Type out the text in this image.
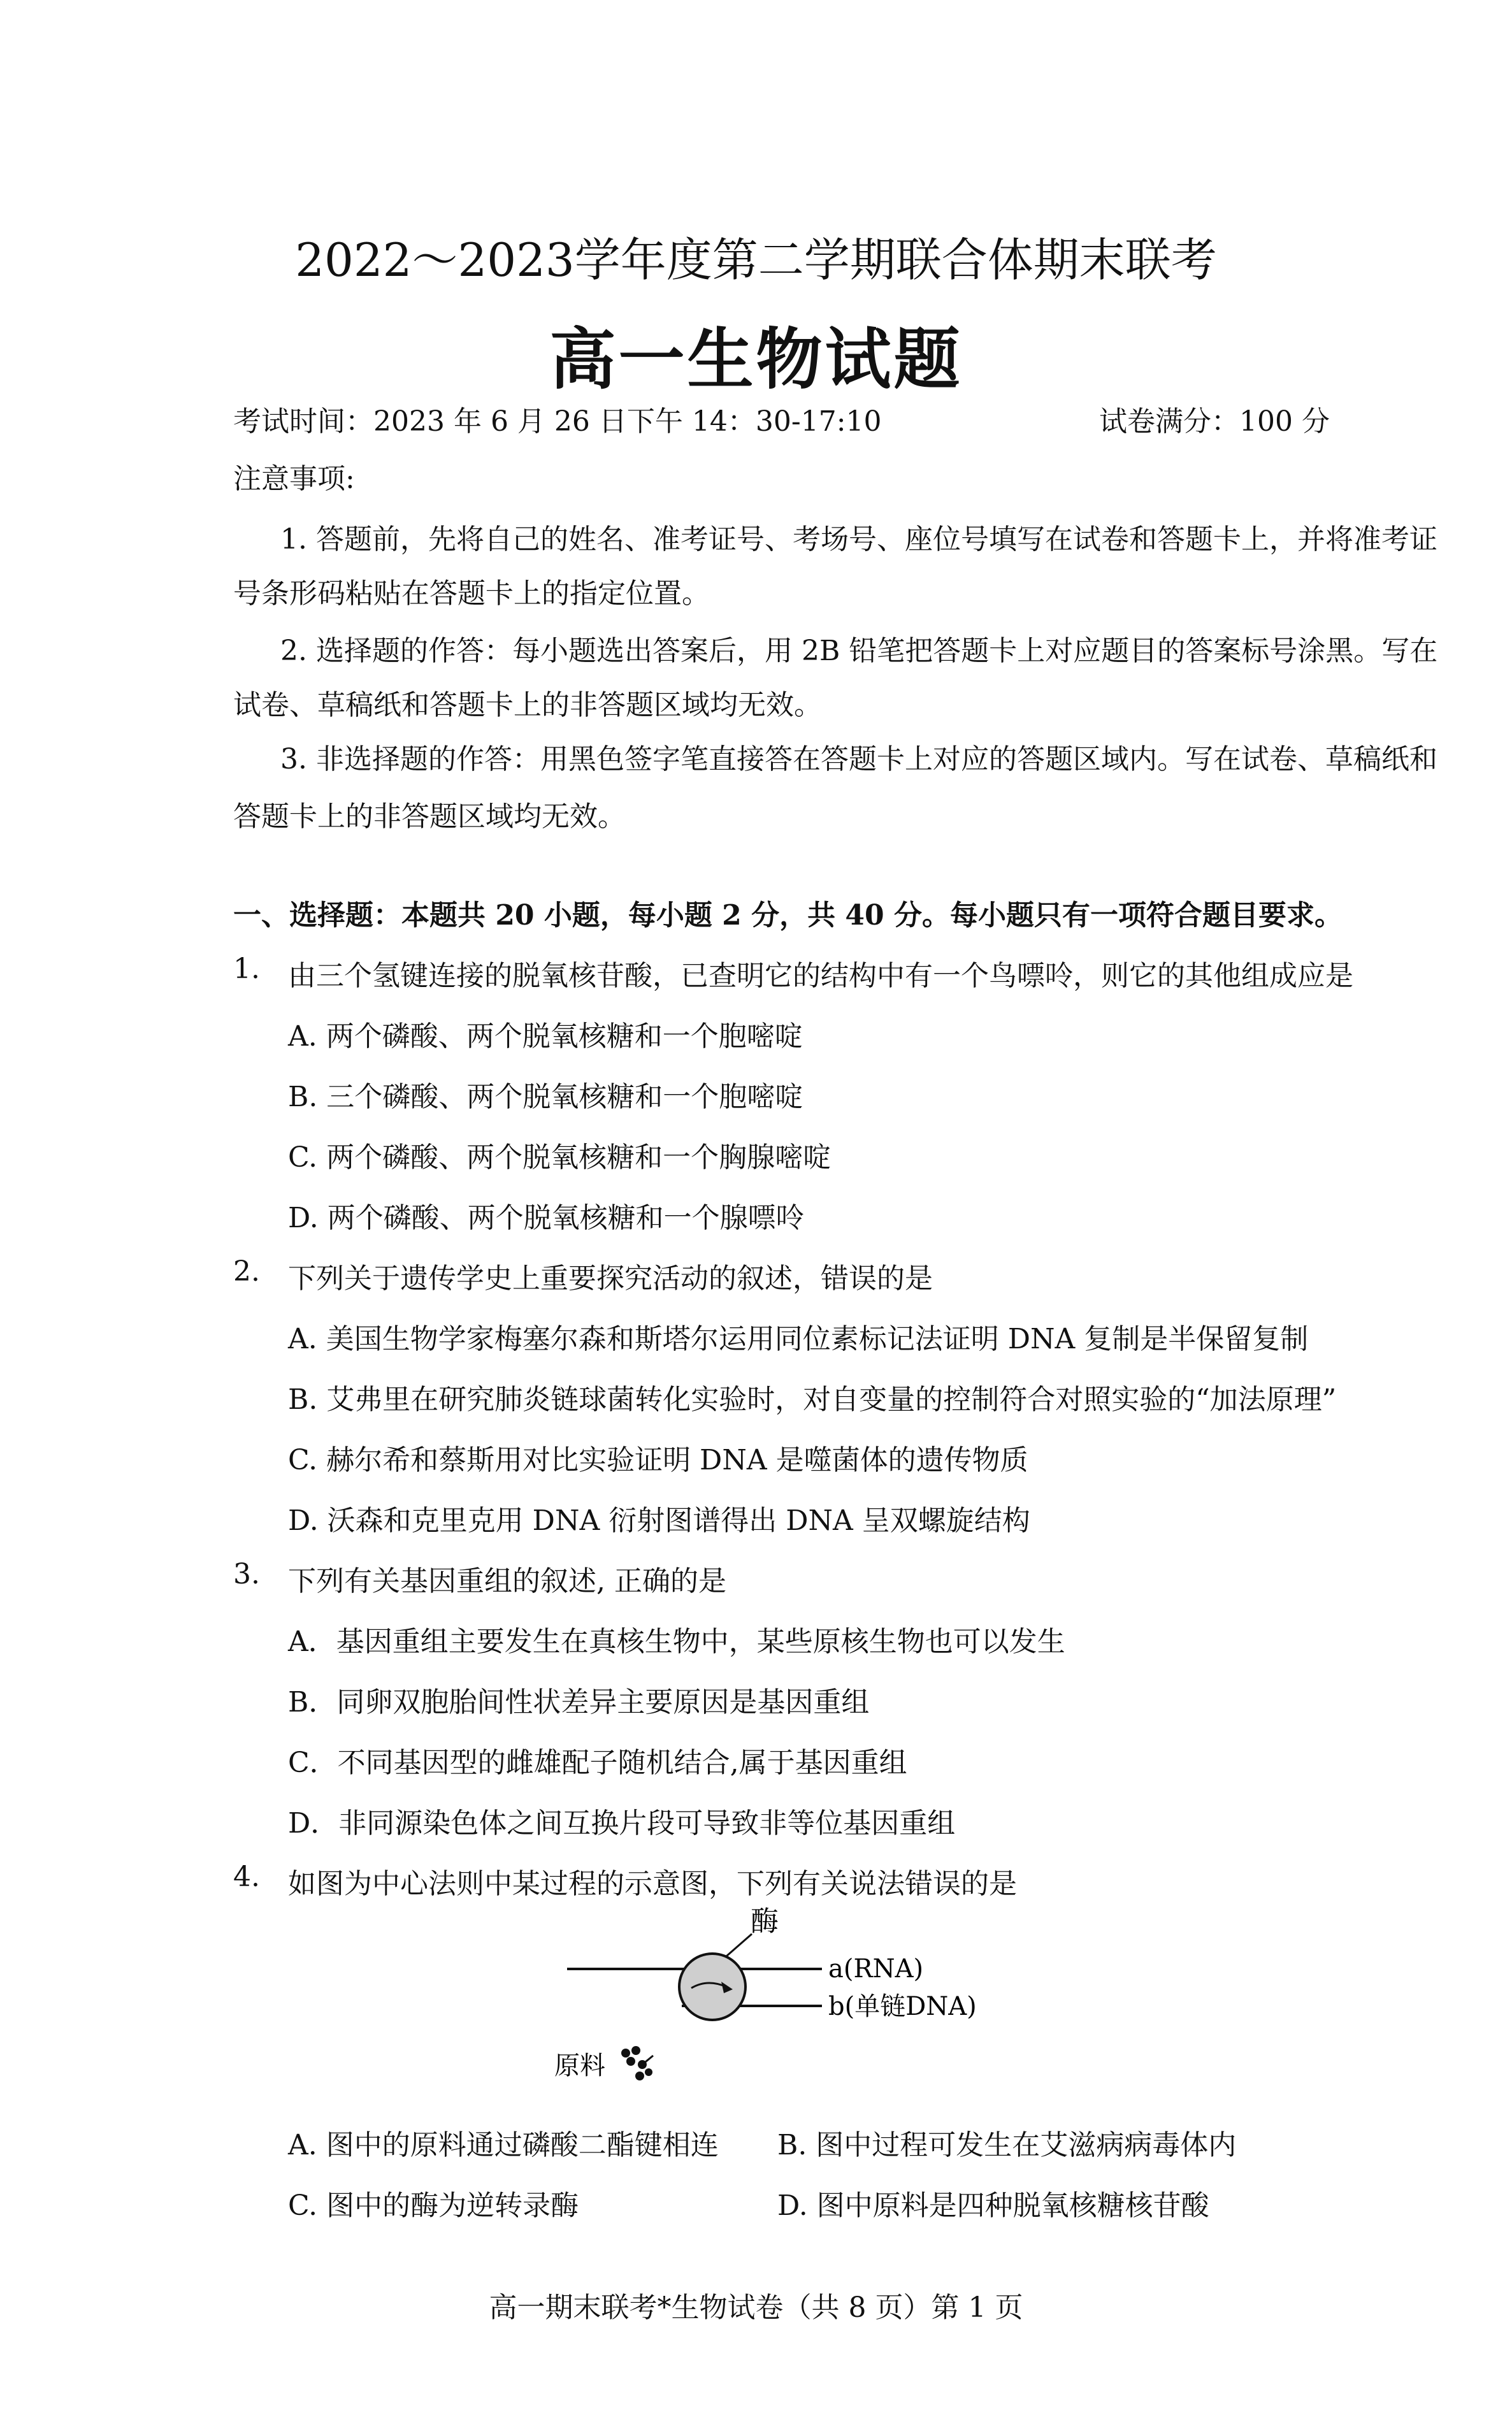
2022～2023学年度第二学期联合体期末联考
高一生物试题
考试时间：2023 年 6 月 26 日下午 14：30-17:10	试卷满分：100 分
注意事项:
1. 答题前，先将自己的姓名、准考证号、考场号、座位号填写在试卷和答题卡上，并将准考证
号条形码粘贴在答题卡上的指定位置。
2. 选择题的作答：每小题选出答案后，用 2B 铅笔把答题卡上对应题目的答案标号涂黑。写在
试卷、草稿纸和答题卡上的非答题区域均无效。
3. 非选择题的作答：用黑色签字笔直接答在答题卡上对应的答题区域内。写在试卷、草稿纸和
答题卡上的非答题区域均无效。
一、选择题：本题共 20 小题，每小题 2 分，共 40 分。每小题只有一项符合题目要求。
1. 由三个氢键连接的脱氧核苷酸，已查明它的结构中有一个鸟嘌呤，则它的其他组成应是
A. 两个磷酸、两个脱氧核糖和一个胞嘧啶
B. 三个磷酸、两个脱氧核糖和一个胞嘧啶
C. 两个磷酸、两个脱氧核糖和一个胸腺嘧啶
D. 两个磷酸、两个脱氧核糖和一个腺嘌呤
2. 下列关于遗传学史上重要探究活动的叙述，错误的是
A. 美国生物学家梅塞尔森和斯塔尔运用同位素标记法证明 DNA 复制是半保留复制
B. 艾弗里在研究肺炎链球菌转化实验时，对自变量的控制符合对照实验的“加法原理”
C. 赫尔希和蔡斯用对比实验证明 DNA 是噬菌体的遗传物质
D. 沃森和克里克用 DNA 衍射图谱得出 DNA 呈双螺旋结构
3. 下列有关基因重组的叙述, 正确的是
A．基因重组主要发生在真核生物中，某些原核生物也可以发生
B．同卵双胞胎间性状差异主要原因是基因重组
C．不同基因型的雌雄配子随机结合,属于基因重组
D．非同源染色体之间互换片段可导致非等位基因重组
4. 如图为中心法则中某过程的示意图，下列有关说法错误的是
酶
a(RNA)
b(单链DNA)
原料
A. 图中的原料通过磷酸二酯键相连 B. 图中过程可发生在艾滋病病毒体内
C. 图中的酶为逆转录酶	D. 图中原料是四种脱氧核糖核苷酸
高一期末联考*生物试卷（共 8 页）第 1 页
